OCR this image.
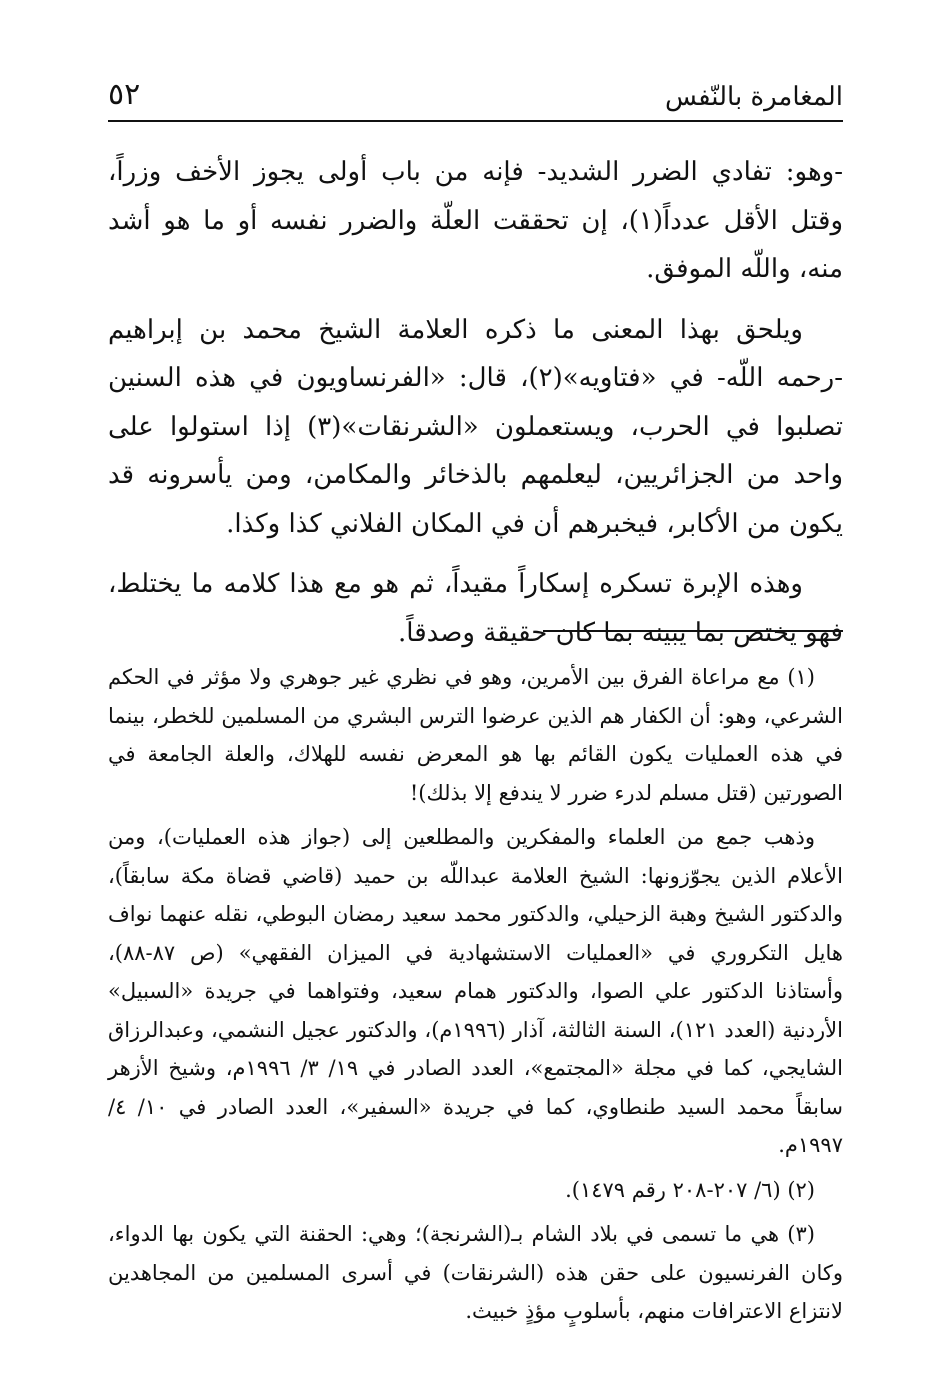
٥٢	المغامرة بالنّفس

-وهو: تفادي الضرر الشديد- فإنه من باب أولى يجوز الأخف وزراً، وقتل الأقل عدداً(١)، إن تحققت العلّة والضرر نفسه أو ما هو أشد منه، واللّه الموفق.

ويلحق بهذا المعنى ما ذكره العلامة الشيخ محمد بن إبراهيم -رحمه اللّه- في «فتاويه»(٢)، قال: «الفرنساويون في هذه السنين تصلبوا في الحرب، ويستعملون «الشرنقات»(٣) إذا استولوا على واحد من الجزائريين، ليعلمهم بالذخائر والمكامن، ومن يأسرونه قد يكون من الأكابر، فيخبرهم أن في المكان الفلاني كذا وكذا.

وهذه الإبرة تسكره إسكاراً مقيداً، ثم هو مع هذا كلامه ما يختلط، فهو يختص بما يبينه بما كان حقيقة وصدقاً.

(١) مع مراعاة الفرق بين الأمرين، وهو في نظري غير جوهري ولا مؤثر في الحكم الشرعي، وهو: أن الكفار هم الذين عرضوا الترس البشري من المسلمين للخطر، بينما في هذه العمليات يكون القائم بها هو المعرض نفسه للهلاك، والعلة الجامعة في الصورتين (قتل مسلم لدرء ضرر لا يندفع إلا بذلك)!

وذهب جمع من العلماء والمفكرين والمطلعين إلى (جواز هذه العمليات)، ومن الأعلام الذين يجوّزونها: الشيخ العلامة عبداللّه بن حميد (قاضي قضاة مكة سابقاً)، والدكتور الشيخ وهبة الزحيلي، والدكتور محمد سعيد رمضان البوطي، نقله عنهما نواف هايل التكروري في «العمليات الاستشهادية في الميزان الفقهي» (ص ٨٧-٨٨)، وأستاذنا الدكتور علي الصوا، والدكتور همام سعيد، وفتواهما في جريدة «السبيل» الأردنية (العدد ١٢١)، السنة الثالثة، آذار (١٩٩٦م)، والدكتور عجيل النشمي، وعبدالرزاق الشايجي، كما في مجلة «المجتمع»، العدد الصادر في ١٩/ ٣/ ١٩٩٦م، وشيخ الأزهر سابقاً محمد السيد طنطاوي، كما في جريدة «السفير»، العدد الصادر في ١٠/ ٤/ ١٩٩٧م.

(٢) (٦/ ٢٠٧-٢٠٨ رقم ١٤٧٩).

(٣) هي ما تسمى في بلاد الشام بـ(الشرنجة)؛ وهي: الحقنة التي يكون بها الدواء، وكان الفرنسيون على حقن هذه (الشرنقات) في أسرى المسلمين من المجاهدين لانتزاع الاعترافات منهم، بأسلوبٍ مؤذٍ خبيث.
